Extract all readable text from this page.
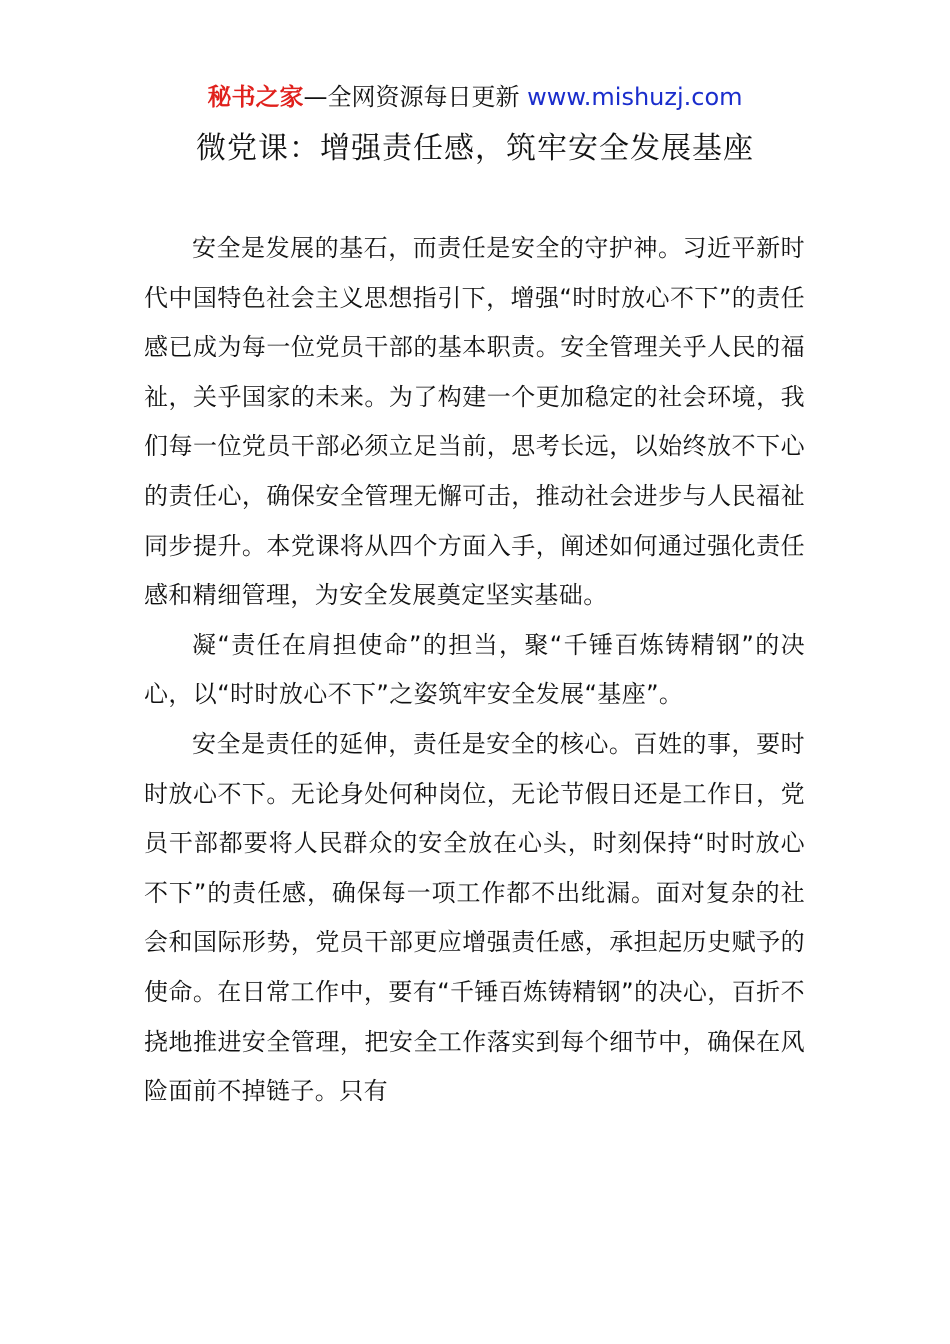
秘书之家—全网资源每日更新 www.mishuzj.com
微党课：增强责任感，筑牢安全发展基座

安全是发展的基石，而责任是安全的守护神。习近平新时代中国特色社会主义思想指引下，增强“时时放心不下”的责任感已成为每一位党员干部的基本职责。安全管理关乎人民的福祉，关乎国家的未来。为了构建一个更加稳定的社会环境，我们每一位党员干部必须立足当前，思考长远，以始终放不下心的责任心，确保安全管理无懈可击，推动社会进步与人民福祉同步提升。本党课将从四个方面入手，阐述如何通过强化责任感和精细管理，为安全发展奠定坚实基础。

凝“责任在肩担使命”的担当，聚“千锤百炼铸精钢”的决心，以“时时放心不下”之姿筑牢安全发展“基座”。

安全是责任的延伸，责任是安全的核心。百姓的事，要时时放心不下。无论身处何种岗位，无论节假日还是工作日，党员干部都要将人民群众的安全放在心头，时刻保持“时时放心不下”的责任感，确保每一项工作都不出纰漏。面对复杂的社会和国际形势，党员干部更应增强责任感，承担起历史赋予的使命。在日常工作中，要有“千锤百炼铸精钢”的决心，百折不挠地推进安全管理，把安全工作落实到每个细节中，确保在风险面前不掉链子。只有
